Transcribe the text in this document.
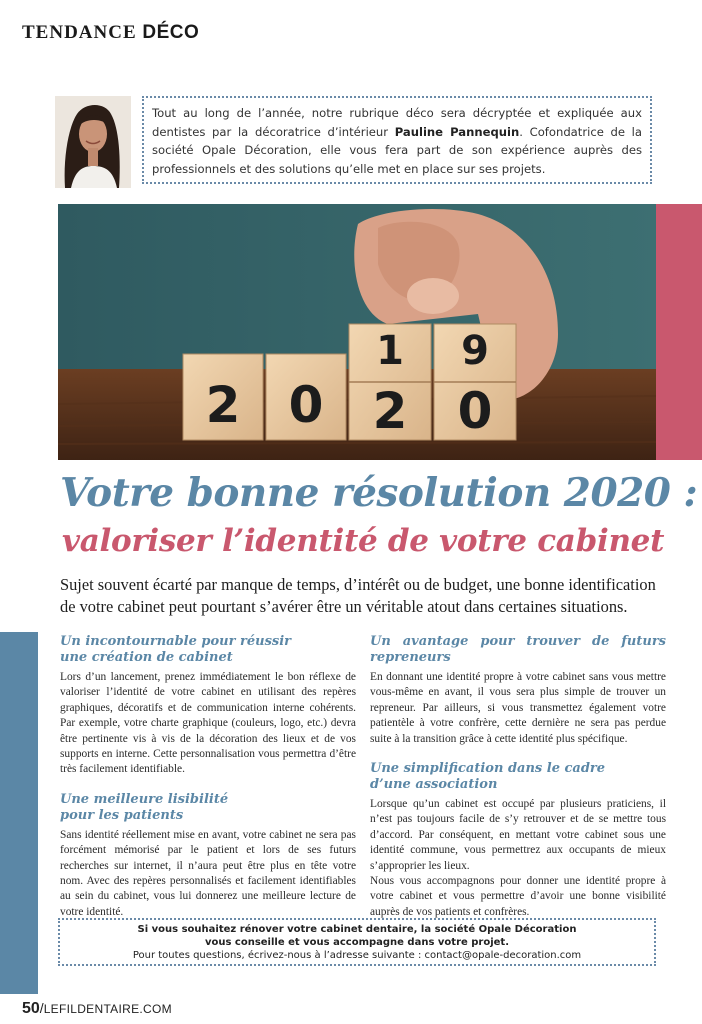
TENDANCE DÉCO
Tout au long de l’année, notre rubrique déco sera décryptée et expliquée aux dentistes par la décoratrice d’intérieur Pauline Pannequin. Cofondatrice de la société Opale Décoration, elle vous fera part de son expérience auprès des professionnels et des solutions qu’elle met en place sur ses projets.
2 0 2 0
1 9
Votre bonne résolution 2020 :
valoriser l’identité de votre cabinet
Sujet souvent écarté par manque de temps, d’intérêt ou de budget, une bonne identification de votre cabinet peut pourtant s’avérer être un véritable atout dans certaines situations.
Un incontournable pour réussir
une création de cabinet

Lors d’un lancement, prenez immédiatement le bon réflexe de valoriser l’identité de votre cabinet en utilisant des repères graphiques, décoratifs et de communication interne cohérents. Par exemple, votre charte graphique (couleurs, logo, etc.) devra être pertinente vis à vis de la décoration des lieux et de vos supports en interne. Cette personnalisation vous permettra d’être très facilement identifiable.

Une meilleure lisibilité
pour les patients

Sans identité réellement mise en avant, votre cabinet ne sera pas forcément mémorisé par le patient et lors de ses futurs recherches sur internet, il n’aura peut être plus en tête votre nom. Avec des repères personnalisés et facilement identifiables au sein du cabinet, vous lui donnerez une meilleure lecture de votre identité.

Un avantage pour trouver de futurs repreneurs

En donnant une identité propre à votre cabinet sans vous mettre vous-même en avant, il vous sera plus simple de trouver un repreneur. Par ailleurs, si vous transmettez également votre patientèle à votre confrère, cette dernière ne sera pas perdue suite à la transition grâce à cette identité plus spécifique.

Une simplification dans le cadre
d’une association

Lorsque qu’un cabinet est occupé par plusieurs praticiens, il n’est pas toujours facile de s’y retrouver et de se mettre tous d’accord. Par conséquent, en mettant votre cabinet sous une identité commune, vous permettrez aux occupants de mieux s’approprier les lieux.

Nous vous accompagnons pour donner une identité propre à votre cabinet et vous permettre d’avoir une bonne visibilité auprès de vos patients et confrères.

Si vous souhaitez rénover votre cabinet dentaire, la société Opale Décoration
vous conseille et vous accompagne dans votre projet.
Pour toutes questions, écrivez-nous à l’adresse suivante : contact@opale-decoration.com
50/LEFILDENTAIRE.COM
